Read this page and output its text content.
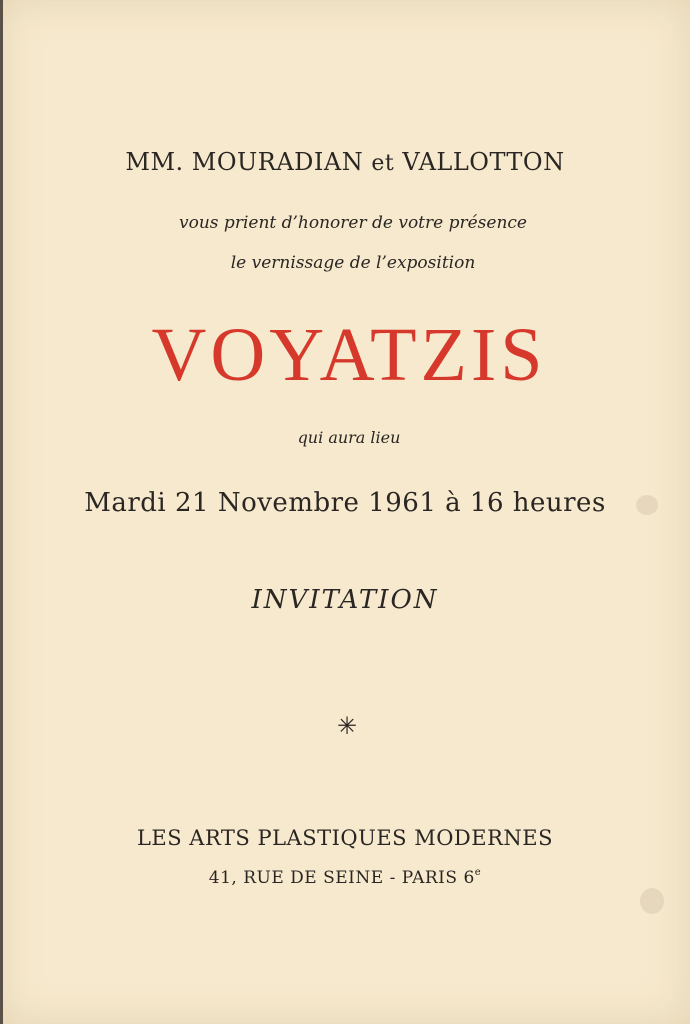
MM. MOURADIAN et VALLOTTON
vous prient d’honorer de votre présence
le vernissage de l’exposition
VOYATZIS
qui aura lieu
Mardi 21 Novembre 1961 à 16 heures
INVITATION
✳
LES ARTS PLASTIQUES MODERNES
41, RUE DE SEINE - PARIS 6e
